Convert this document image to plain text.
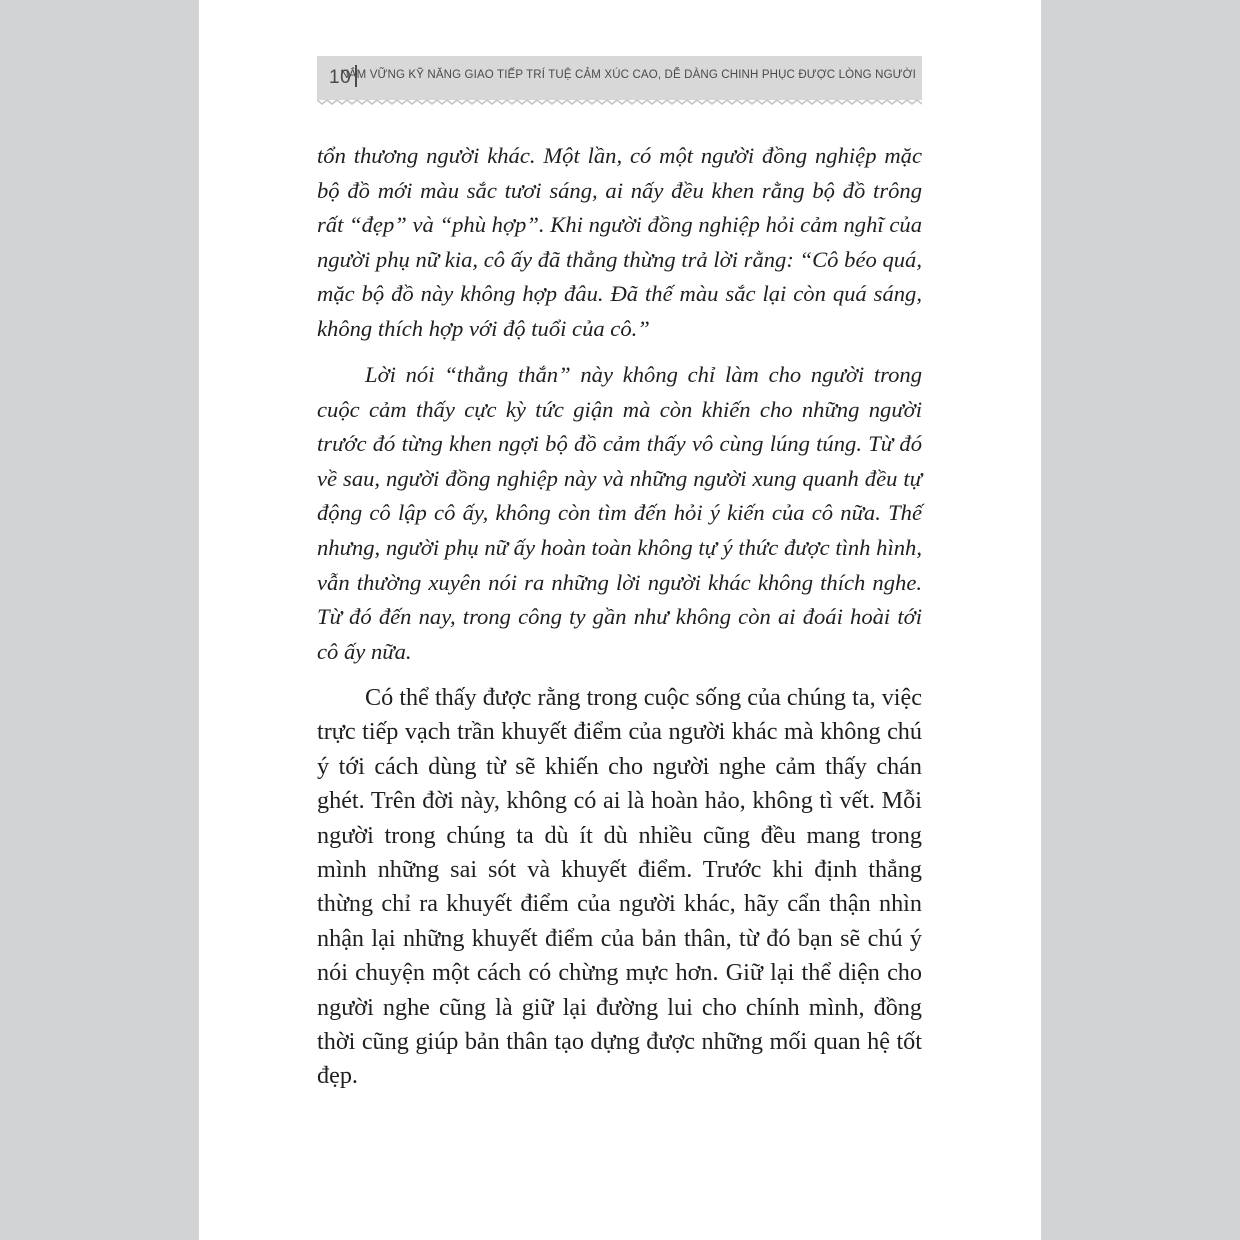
10
NẮM VỮNG KỸ NĂNG GIAO TIẾP TRÍ TUỆ CẢM XÚC CAO, DỄ DÀNG CHINH PHỤC ĐƯỢC LÒNG NGƯỜI

tổn thương người khác. Một lần, có một người đồng nghiệp mặc bộ đồ mới màu sắc tươi sáng, ai nấy đều khen rằng bộ đồ trông rất “đẹp” và “phù hợp”. Khi người đồng nghiệp hỏi cảm nghĩ của người phụ nữ kia, cô ấy đã thẳng thừng trả lời rằng: “Cô béo quá, mặc bộ đồ này không hợp đâu. Đã thế màu sắc lại còn quá sáng, không thích hợp với độ tuổi của cô.”

Lời nói “thẳng thắn” này không chỉ làm cho người trong cuộc cảm thấy cực kỳ tức giận mà còn khiến cho những người trước đó từng khen ngợi bộ đồ cảm thấy vô cùng lúng túng. Từ đó về sau, người đồng nghiệp này và những người xung quanh đều tự động cô lập cô ấy, không còn tìm đến hỏi ý kiến của cô nữa. Thế nhưng, người phụ nữ ấy hoàn toàn không tự ý thức được tình hình, vẫn thường xuyên nói ra những lời người khác không thích nghe. Từ đó đến nay, trong công ty gần như không còn ai đoái hoài tới cô ấy nữa.

Có thể thấy được rằng trong cuộc sống của chúng ta, việc trực tiếp vạch trần khuyết điểm của người khác mà không chú ý tới cách dùng từ sẽ khiến cho người nghe cảm thấy chán ghét. Trên đời này, không có ai là hoàn hảo, không tì vết. Mỗi người trong chúng ta dù ít dù nhiều cũng đều mang trong mình những sai sót và khuyết điểm. Trước khi định thẳng thừng chỉ ra khuyết điểm của người khác, hãy cẩn thận nhìn nhận lại những khuyết điểm của bản thân, từ đó bạn sẽ chú ý nói chuyện một cách có chừng mực hơn. Giữ lại thể diện cho người nghe cũng là giữ lại đường lui cho chính mình, đồng thời cũng giúp bản thân tạo dựng được những mối quan hệ tốt đẹp.
